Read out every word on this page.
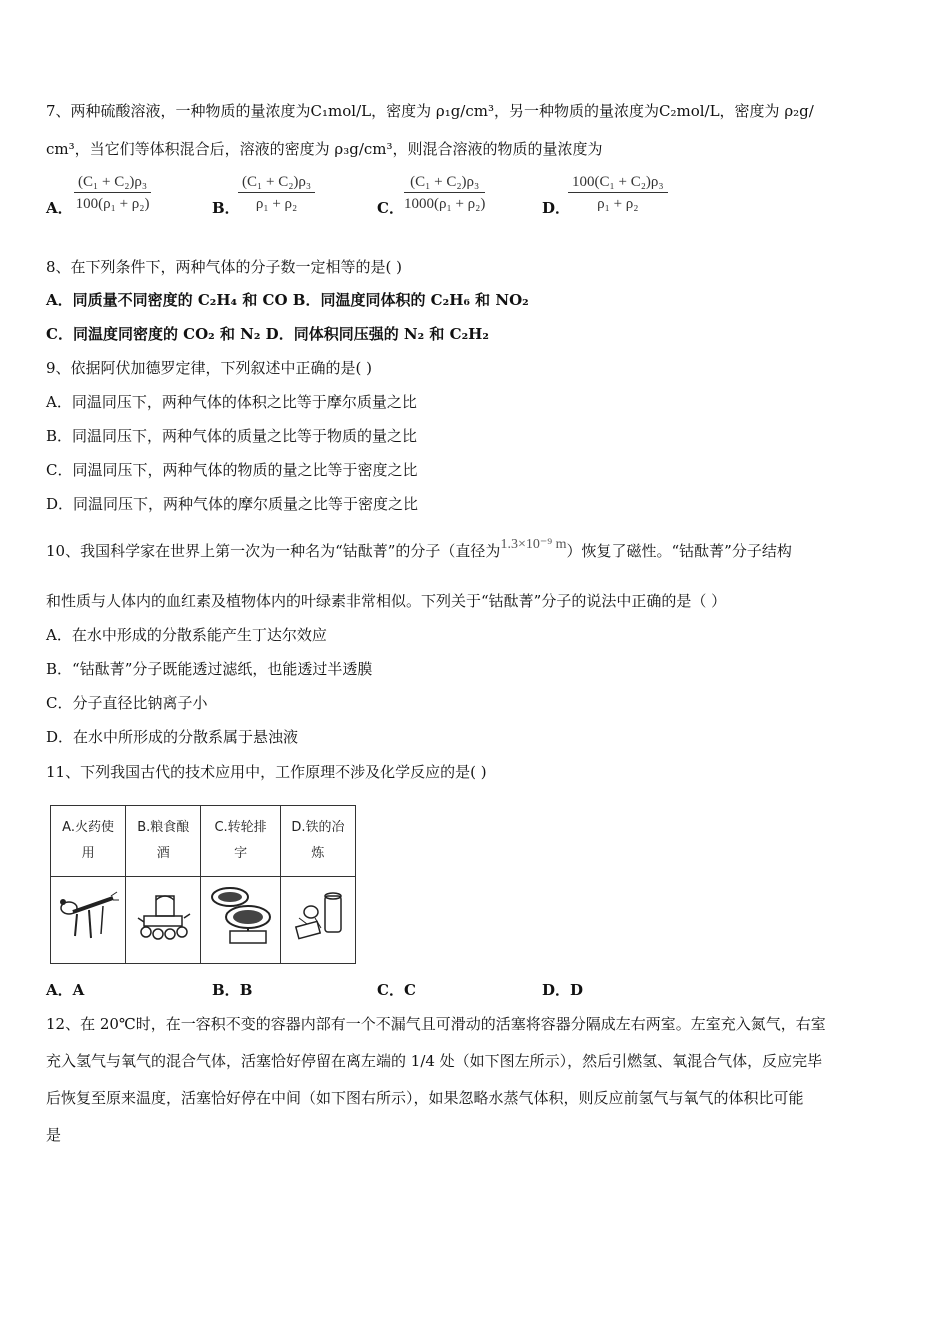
7、两种硫酸溶液，一种物质的量浓度为C₁mol/L，密度为 ρ₁g/cm³，另一种物质的量浓度为C₂mol/L，密度为 ρ₂g/
cm³，当它们等体积混合后，溶液的密度为 ρ₃g/cm³，则混合溶液的物质的量浓度为
A． $\frac{\text{(C₁ + C₂)ρ₃}}{\text{100(ρ₁ + ρ₂)}}$	B．
$\frac{\text{(C₁ + C₂)ρ₃}}{\text{ρ₁ + ρ₂}}$	C． $\frac{\text{(C₁ + C₂)ρ₃}}{\text{1000(ρ₁ + ρ₂)}}$	D．
$\frac{\text{100(C₁ + C₂)ρ₃}}{\text{ρ₁ + ρ₂}}$
8、在下列条件下，两种气体的分子数一定相等的是( )
A．同质量不同密度的 C₂H₄ 和 CO B．同温度同体积的 C₂H₆ 和 NO₂
C．同温度同密度的 CO₂ 和 N₂ D．同体积同压强的 N₂ 和 C₂H₂
9、依据阿伏加德罗定律，下列叙述中正确的是( )
A．同温同压下，两种气体的体积之比等于摩尔质量之比
B．同温同压下，两种气体的质量之比等于物质的量之比
C．同温同压下，两种气体的物质的量之比等于密度之比
D．同温同压下，两种气体的摩尔质量之比等于密度之比
10、我国科学家在世界上第一次为一种名为“钴酞菁”的分子（直径为1.3×10⁻⁹ m）恢复了磁性。“钴酞菁”分子结构
和性质与人体内的血红素及植物体内的叶绿素非常相似。下列关于“钴酞菁”分子的说法中正确的是（ ）
A．在水中形成的分散系能产生丁达尔效应
B．“钴酞菁”分子既能透过滤纸，也能透过半透膜
C．分子直径比钠离子小
D．在水中所形成的分散系属于悬浊液
11、下列我国古代的技术应用中，工作原理不涉及化学反应的是( )
A.火药使
用	B.粮食酿
酒	C.转轮排
字	D.铁的冶
炼

A．A	B．B	C．C	D．D
12、在 20℃时，在一容积不变的容器内部有一个不漏气且可滑动的活塞将容器分隔成左右两室。左室充入氮气，右室
充入氢气与氧气的混合气体，活塞恰好停留在离左端的 1/4 处（如下图左所示），然后引燃氢、氧混合气体，反应完毕
后恢复至原来温度，活塞恰好停在中间（如下图右所示），如果忽略水蒸气体积，则反应前氢气与氧气的体积比可能
是
